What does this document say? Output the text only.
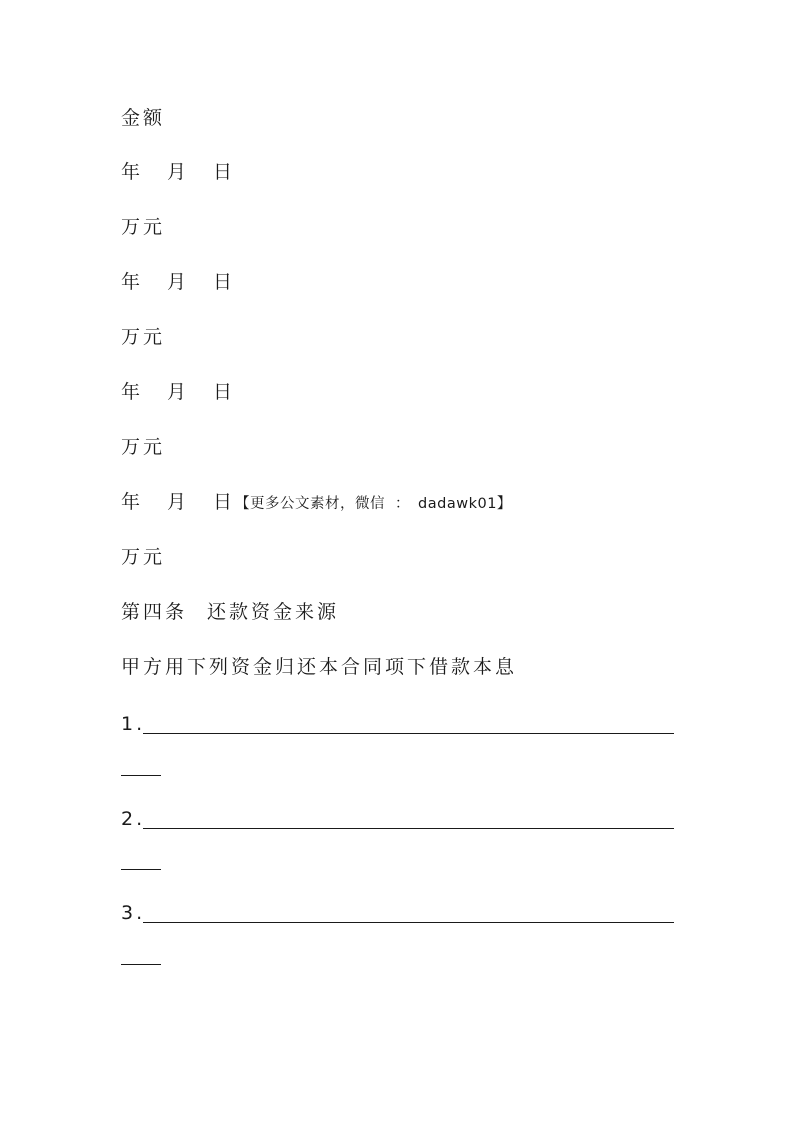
金额
年 月 日
万元
年 月 日
万元
年 月 日
万元
年 月 日【更多公文素材，微信 ： dadawk01】
万元
第四条 还款资金来源
甲方用下列资金归还本合同项下借款本息
1.
2.
3.
